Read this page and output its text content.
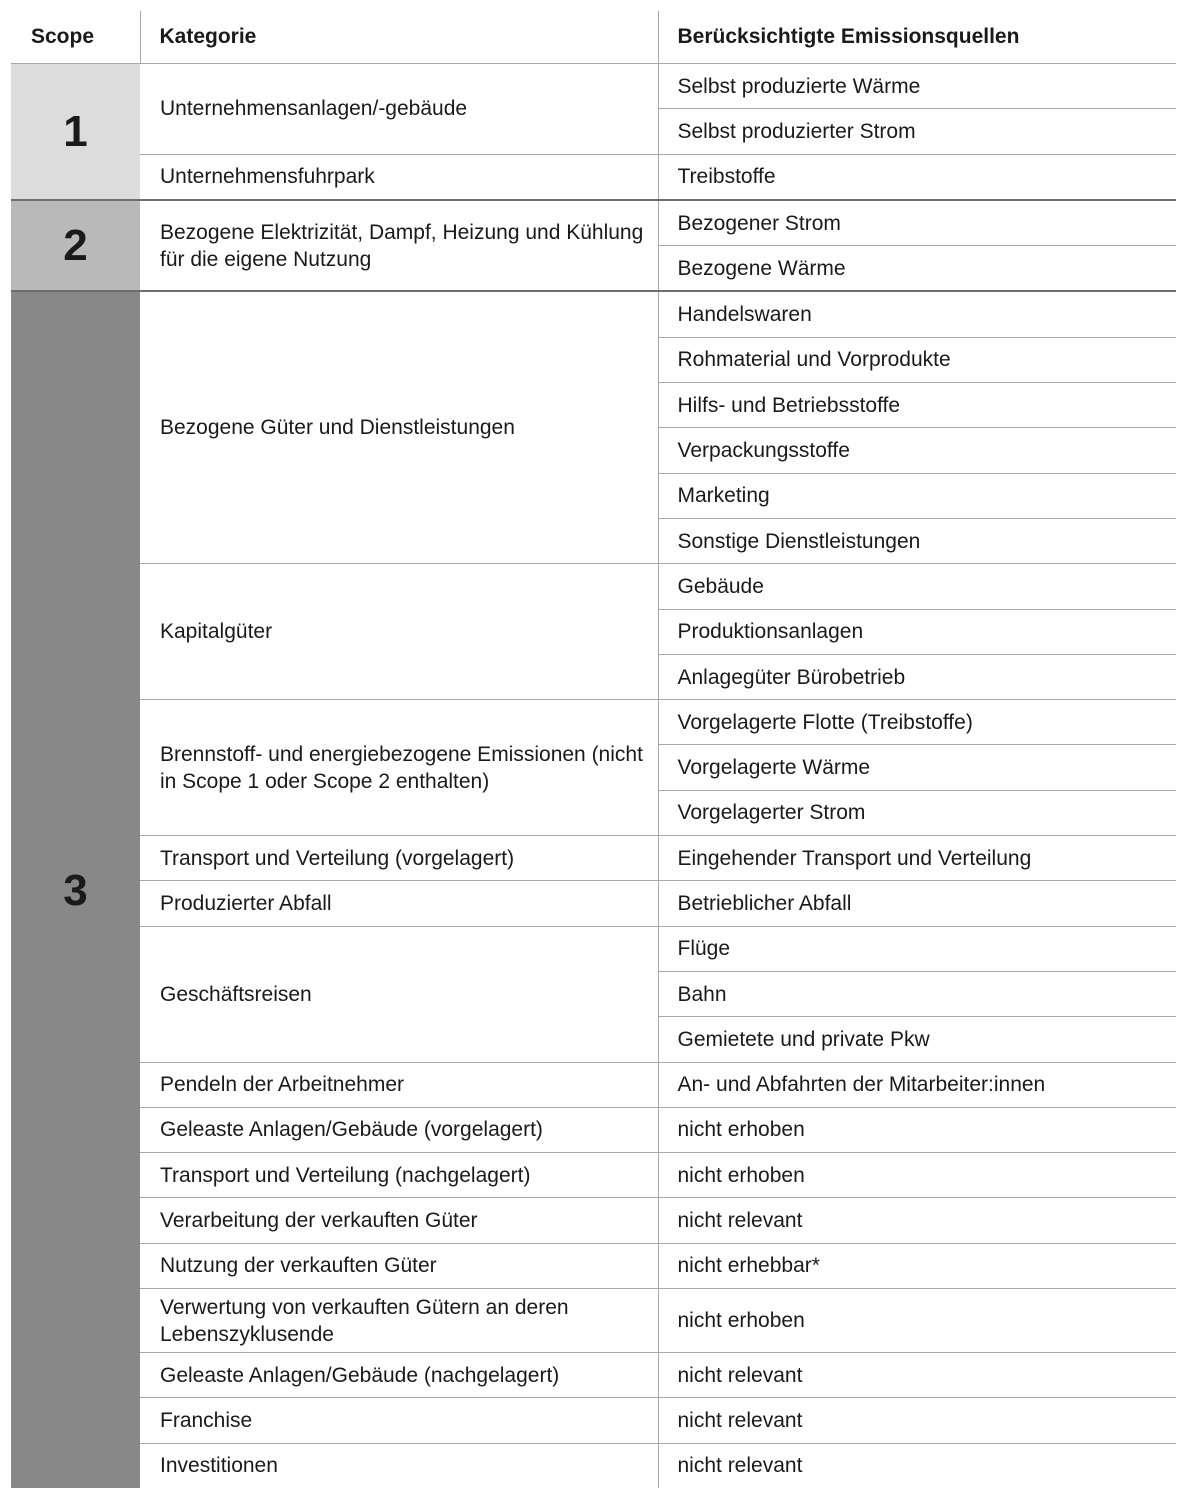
Scope	Kategorie	Berücksichtigte Emissionsquellen
1	Unternehmensanlagen/-gebäude	Selbst produzierte Wärme
		Selbst produzierter Strom
	Unternehmensfuhrpark	Treibstoffe
2	Bezogene Elektrizität, Dampf, Heizung und Kühlung für die eigene Nutzung	Bezogener Strom
		Bezogene Wärme
3	Bezogene Güter und Dienstleistungen	Handelswaren
		Rohmaterial und Vorprodukte
		Hilfs- und Betriebsstoffe
		Verpackungsstoffe
		Marketing
		Sonstige Dienstleistungen
	Kapitalgüter	Gebäude
		Produktionsanlagen
		Anlagegüter Bürobetrieb
	Brennstoff- und energiebezogene Emissionen (nicht in Scope 1 oder Scope 2 enthalten)	Vorgelagerte Flotte (Treibstoffe)
		Vorgelagerte Wärme
		Vorgelagerter Strom
	Transport und Verteilung (vorgelagert)	Eingehender Transport und Verteilung
	Produzierter Abfall	Betrieblicher Abfall
	Geschäftsreisen	Flüge
		Bahn
		Gemietete und private Pkw
	Pendeln der Arbeitnehmer	An- und Abfahrten der Mitarbeiter:innen
	Geleaste Anlagen/Gebäude (vorgelagert)	nicht erhoben
	Transport und Verteilung (nachgelagert)	nicht erhoben
	Verarbeitung der verkauften Güter	nicht relevant
	Nutzung der verkauften Güter	nicht erhebbar*
	Verwertung von verkauften Gütern an deren Lebenszyklusende	nicht erhoben
	Geleaste Anlagen/Gebäude (nachgelagert)	nicht relevant
	Franchise	nicht relevant
	Investitionen	nicht relevant
